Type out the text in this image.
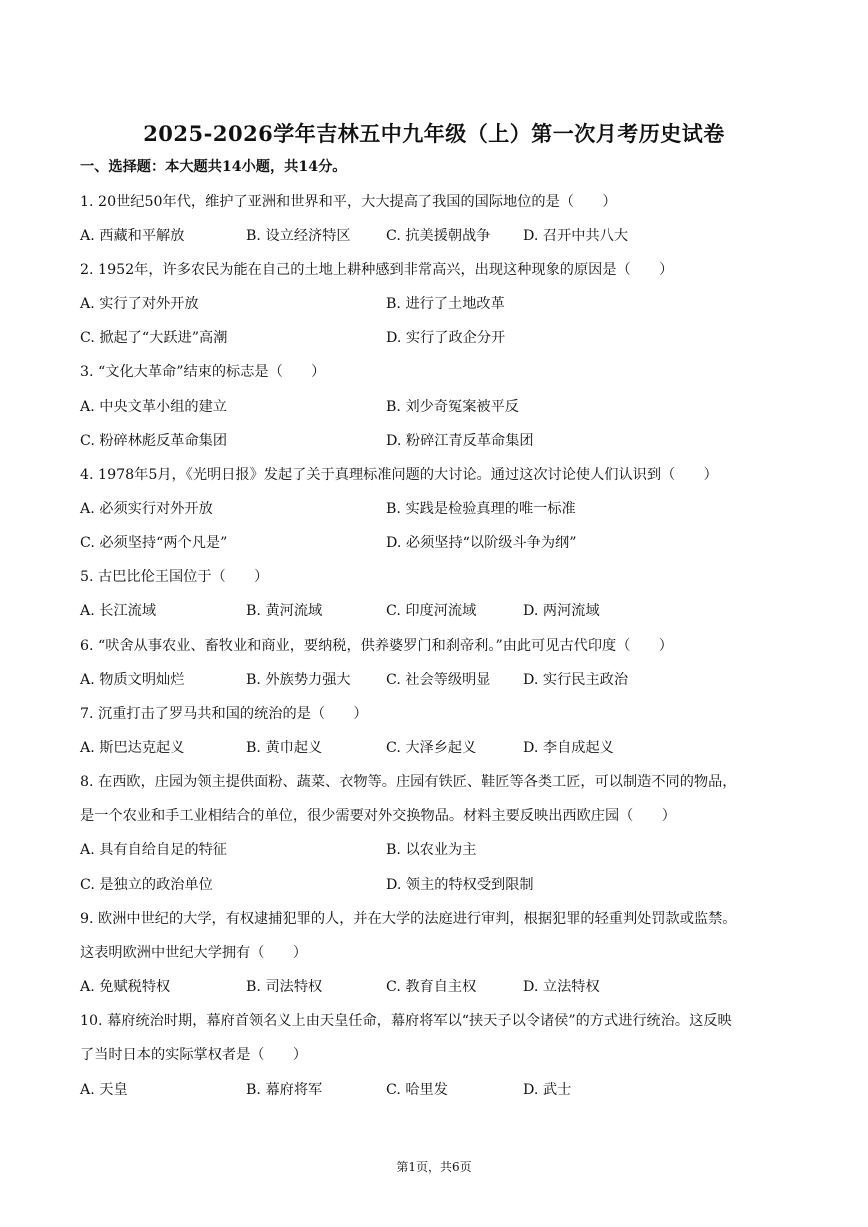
2025-2026学年吉林五中九年级（上）第一次月考历史试卷
一、选择题：本大题共14小题，共14分。
1. 20世纪50年代，维护了亚洲和世界和平，大大提高了我国的国际地位的是（　　）
A. 西藏和平解放	B. 设立经济特区 C. 抗美援朝战争 D. 召开中共八大
2. 1952年，许多农民为能在自己的土地上耕种感到非常高兴，出现这种现象的原因是（　　）
A. 实行了对外开放	B. 进行了土地改革
C. 掀起了“大跃进”高潮	D. 实行了政企分开
3. “文化大革命”结束的标志是（　　）
A. 中央文革小组的建立	B. 刘少奇冤案被平反
C. 粉碎林彪反革命集团	D. 粉碎江青反革命集团
4. 1978年5月，《光明日报》发起了关于真理标准问题的大讨论。通过这次讨论使人们认识到（　　）
A. 必须实行对外开放	B. 实践是检验真理的唯一标准
C. 必须坚持“两个凡是”	D. 必须坚持“以阶级斗争为纲”
5. 古巴比伦王国位于（　　）
A. 长江流域	B. 黄河流域	C. 印度河流域	D. 两河流域
6. “吠舍从事农业、畜牧业和商业，要纳税，供养婆罗门和刹帝利。”由此可见古代印度（　　）
A. 物质文明灿烂	B. 外族势力强大 C. 社会等级明显 D. 实行民主政治
7. 沉重打击了罗马共和国的统治的是（　　）
A. 斯巴达克起义	B. 黄巾起义	C. 大泽乡起义	D. 李自成起义
8. 在西欧，庄园为领主提供面粉、蔬菜、衣物等。庄园有铁匠、鞋匠等各类工匠，可以制造不同的物品，
是一个农业和手工业相结合的单位，很少需要对外交换物品。材料主要反映出西欧庄园（　　）
A. 具有自给自足的特征	B. 以农业为主
C. 是独立的政治单位	D. 领主的特权受到限制
9. 欧洲中世纪的大学，有权逮捕犯罪的人，并在大学的法庭进行审判，根据犯罪的轻重判处罚款或监禁。
这表明欧洲中世纪大学拥有（　　）
A. 免赋税特权	B. 司法特权	C. 教育自主权	D. 立法特权
10. 幕府统治时期，幕府首领名义上由天皇任命，幕府将军以“挟天子以令诸侯”的方式进行统治。这反映
了当时日本的实际掌权者是（　　）
A. 天皇	B. 幕府将军	C. 哈里发	D. 武士
第1页，共6页
